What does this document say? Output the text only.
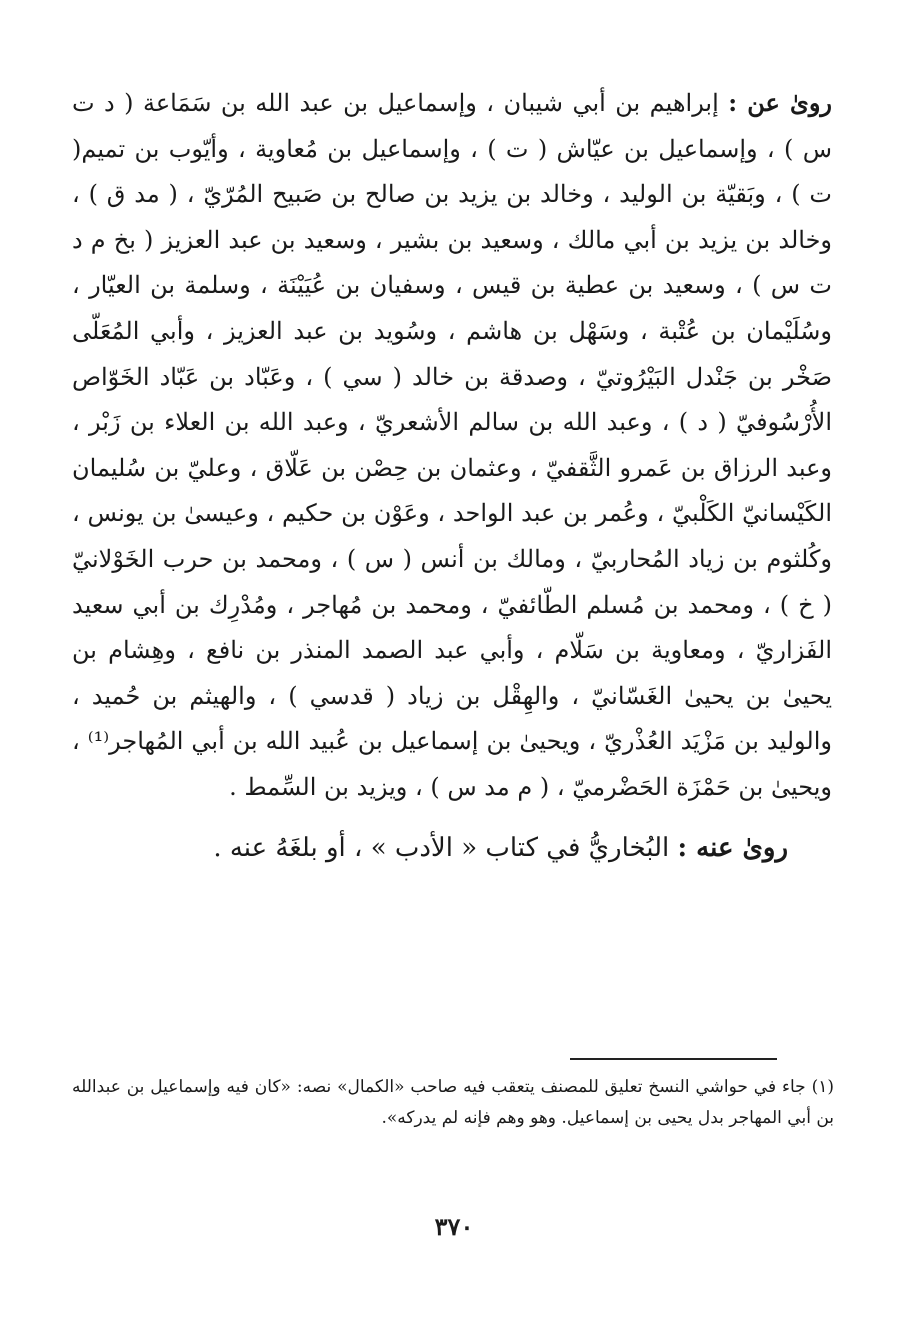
روىٰ عن : إبراهيم بن أبي شيبان ، وإسماعيل بن عبد الله بن سَمَاعة ( د ت س ) ، وإسماعيل بن عيّاش ( ت ) ، وإسماعيل بن مُعاوية ، وأيّوب بن تميم( ت ) ، وبَقيّة بن الوليد ، وخالد بن يزيد بن صالح بن صَبيح المُرّيّ ، ( مد ق ) ، وخالد بن يزيد بن أبي مالك ، وسعيد بن بشير ، وسعيد بن عبد العزيز ( بخ م د ت س ) ، وسعيد بن عطية بن قيس ، وسفيان بن عُيَيْنَة ، وسلمة بن العيّار ، وسُلَيْمان بن عُتْبة ، وسَهْل بن هاشم ، وسُويد بن عبد العزيز ، وأبي المُعَلّى صَخْر بن جَنْدل البَيْرُوتيّ ، وصدقة بن خالد ( سي ) ، وعَبّاد بن عَبّاد الخَوّاص الأُرْسُوفيّ ( د ) ، وعبد الله بن سالم الأشعريّ ، وعبد الله بن العلاء بن زَبْر ، وعبد الرزاق بن عَمرو الثَّقفيّ ، وعثمان بن حِصْن بن عَلّاق ، وعليّ بن سُليمان الكَيْسانيّ الكَلْبيّ ، وعُمر بن عبد الواحد ، وعَوْن بن حكيم ، وعيسىٰ بن يونس ، وكُلثوم بن زياد المُحاربيّ ، ومالك بن أنس ( س ) ، ومحمد بن حرب الخَوْلانيّ ( خ ) ، ومحمد بن مُسلم الطّائفيّ ، ومحمد بن مُهاجر ، ومُدْرِك بن أبي سعيد الفَزاريّ ، ومعاوية بن سَلّام ، وأبي عبد الصمد المنذر بن نافع ، وهِشام بن يحيىٰ بن يحيىٰ الغَسّانيّ ، والهِقْل بن زياد ( قدسي ) ، والهيثم بن حُميد ، والوليد بن مَزْيَد العُذْريّ ، ويحيىٰ بن إسماعيل بن عُبيد الله بن أبي المُهاجر⁽¹⁾ ، ويحيىٰ بن حَمْزَة الحَضْرميّ ، ( م مد س ) ، ويزيد بن السِّمط .

روىٰ عنه : البُخاريُّ في كتاب « الأدب » ، أو بلغَهُ عنه .

(١) جاء في حواشي النسخ تعليق للمصنف يتعقب فيه صاحب «الكمال» نصه: «كان فيه وإسماعيل بن عبدالله بن أبي المهاجر بدل يحيى بن إسماعيل. وهو وهم فإنه لم يدركه».

٣٧٠
